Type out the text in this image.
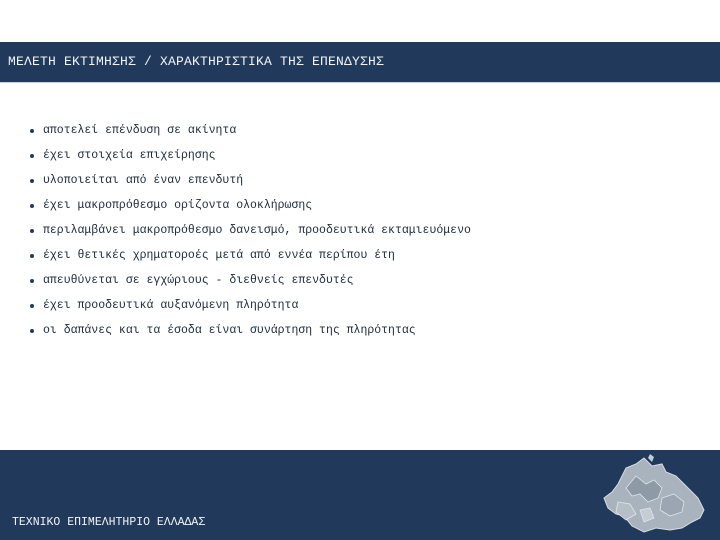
ΜΕΛΕΤΗ ΕΚΤΙΜΗΣΗΣ / ΧΑΡΑΚΤΗΡΙΣΤΙΚΑ ΤΗΣ ΕΠΕΝΔΥΣΗΣ
αποτελεί επένδυση σε ακίνητα
έχει στοιχεία επιχείρησης
υλοποιείται από έναν επενδυτή
έχει μακροπρόθεσμο ορίζοντα ολοκλήρωσης
περιλαμβάνει μακροπρόθεσμο δανεισμό, προοδευτικά εκταμιευόμενο
έχει θετικές χρηματοροές μετά από εννέα περίπου έτη
απευθύνεται σε εγχώριους - διεθνείς επενδυτές
έχει προοδευτικά αυξανόμενη πληρότητα
οι δαπάνες και τα έσοδα είναι συνάρτηση της πληρότητας
ΤΕΧΝΙΚΟ ΕΠΙΜΕΛΗΤΗΡΙΟ ΕΛΛΑΔΑΣ
